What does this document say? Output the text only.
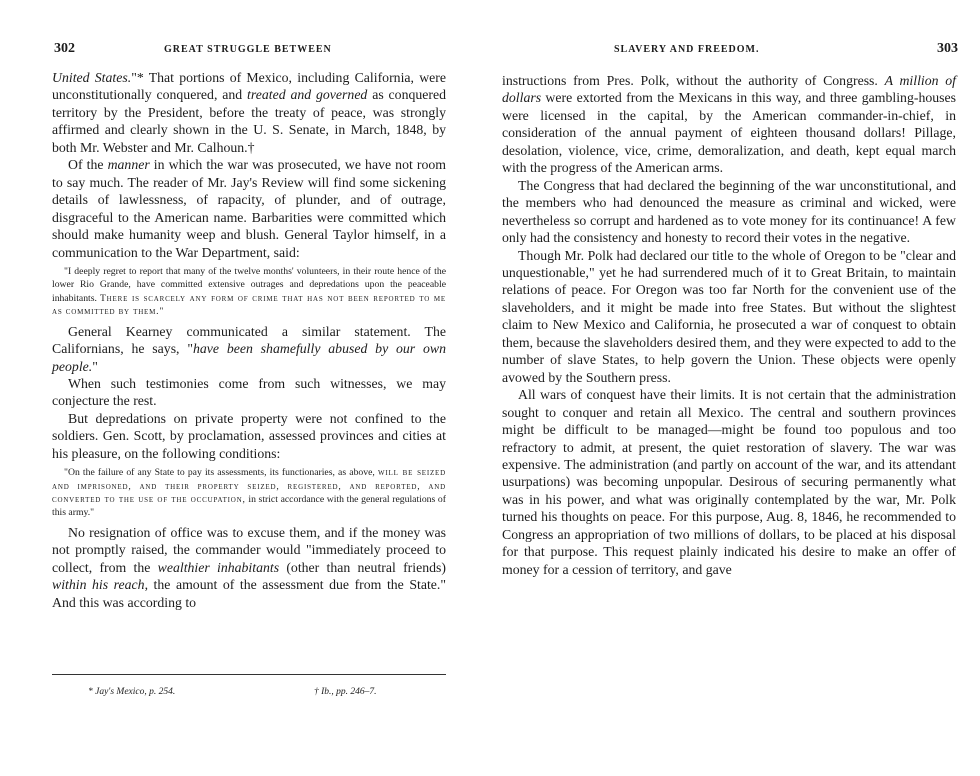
302	GREAT STRUGGLE BETWEEN

United States."* That portions of Mexico, including California, were unconstitutionally conquered, and treated and governed as conquered territory by the President, before the treaty of peace, was strongly affirmed and clearly shown in the U. S. Senate, in March, 1848, by both Mr. Webster and Mr. Calhoun.†

Of the manner in which the war was prosecuted, we have not room to say much. The reader of Mr. Jay's Review will find some sickening details of lawlessness, of rapacity, of plunder, and of outrage, disgraceful to the American name. Barbarities were committed which should make humanity weep and blush. General Taylor himself, in a communication to the War Department, said:

"I deeply regret to report that many of the twelve months' volunteers, in their route hence of the lower Rio Grande, have committed extensive outrages and depredations upon the peaceable inhabitants. There is scarcely any form of crime that has not been reported to me as committed by them."

General Kearney communicated a similar statement. The Californians, he says, "have been shamefully abused by our own people."

When such testimonies come from such witnesses, we may conjecture the rest.

But depredations on private property were not confined to the soldiers. Gen. Scott, by proclamation, assessed provinces and cities at his pleasure, on the following conditions:

"On the failure of any State to pay its assessments, its functionaries, as above, will be seized and imprisoned, and their property seized, registered, and reported, and converted to the use of the occupation, in strict accordance with the general regulations of this army."

No resignation of office was to excuse them, and if the money was not promptly raised, the commander would "immediately proceed to collect, from the wealthier inhabitants (other than neutral friends) within his reach, the amount of the assessment due from the State." And this was according to

* Jay's Mexico, p. 254.	† Ib., pp. 246–7.
SLAVERY AND FREEDOM.	303

instructions from Pres. Polk, without the authority of Congress. A million of dollars were extorted from the Mexicans in this way, and three gambling-houses were licensed in the capital, by the American commander-in-chief, in consideration of the annual payment of eighteen thousand dollars! Pillage, desolation, violence, vice, crime, demoralization, and death, kept equal march with the progress of the American arms.

The Congress that had declared the beginning of the war unconstitutional, and the members who had denounced the measure as criminal and wicked, were nevertheless so corrupt and hardened as to vote money for its continuance! A few only had the consistency and honesty to record their votes in the negative.

Though Mr. Polk had declared our title to the whole of Oregon to be "clear and unquestionable," yet he had surrendered much of it to Great Britain, to maintain relations of peace. For Oregon was too far North for the convenient use of the slaveholders, and it might be made into free States. But without the slightest claim to New Mexico and California, he prosecuted a war of conquest to obtain them, because the slaveholders desired them, and they were expected to add to the number of slave States, to help govern the Union. These objects were openly avowed by the Southern press.

All wars of conquest have their limits. It is not certain that the administration sought to conquer and retain all Mexico. The central and southern provinces might be difficult to be managed—might be found too populous and too refractory to admit, at present, the quiet restoration of slavery. The war was expensive. The administration (and partly on account of the war, and its attendant usurpations) was becoming unpopular. Desirous of securing permanently what was in his power, and what was originally contemplated by the war, Mr. Polk turned his thoughts on peace. For this purpose, Aug. 8, 1846, he recommended to Congress an appropriation of two millions of dollars, to be placed at his disposal for that purpose. This request plainly indicated his desire to make an offer of money for a cession of territory, and gave
